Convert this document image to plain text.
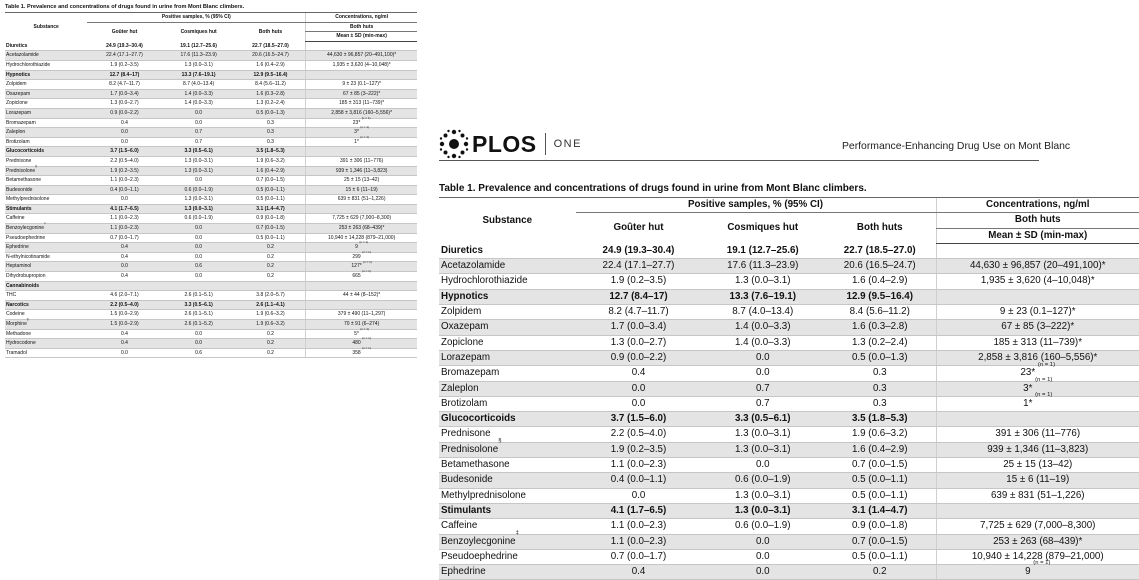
Table 1. Prevalence and concentrations of drugs found in urine from Mont Blanc climbers.
Substance	Positive samples, % (95% CI)			Concentrations, ng/ml
	Goûter hut	Cosmiques hut	Both huts	Both huts
				Mean ± SD (min-max)
Diuretics	24.9 (19.3–30.4)	19.1 (12.7–25.6)	22.7 (18.5–27.0)	
Acetazolamide	22.4 (17.1–27.7)	17.6 (11.3–23.9)	20.6 (16.5–24.7)	44,630 ± 96,857 (20–491,100)*
Hydrochlorothiazide	1.9 (0.2–3.5)	1.3 (0.0–3.1)	1.6 (0.4–2.9)	1,935 ± 3,620 (4–10,048)*
Hypnotics	12.7 (8.4–17)	13.3 (7.6–19.1)	12.9 (9.5–16.4)	
Zolpidem	8.2 (4.7–11.7)	8.7 (4.0–13.4)	8.4 (5.6–11.2)	9 ± 23 (0.1–127)*
Oxazepam	1.7 (0.0–3.4)	1.4 (0.0–3.3)	1.6 (0.3–2.8)	67 ± 85 (3–222)*
Zopiclone	1.3 (0.0–2.7)	1.4 (0.0–3.3)	1.3 (0.2–2.4)	185 ± 313 (11–739)*
Lorazepam	0.9 (0.0–2.2)	0.0	0.5 (0.0–1.3)	2,858 ± 3,816 (160–5,556)*
Bromazepam	0.4	0.0	0.3	23* $^{(n = 1)}$
Zaleplon	0.0	0.7	0.3	3* $^{(n = 1)}$
Brotizolam	0.0	0.7	0.3	1* $^{(n = 1)}$
Glucocorticoids	3.7 (1.5–6.0)	3.3 (0.5–6.1)	3.5 (1.8–5.3)	
Prednisone	2.2 (0.5–4.0)	1.3 (0.0–3.1)	1.9 (0.6–3.2)	391 ± 306 (11–776)
Prednisolone§	1.9 (0.2–3.5)	1.3 (0.0–3.1)	1.6 (0.4–2.9)	939 ± 1,346 (11–3,823)
Betamethasone	1.1 (0.0–2.3)	0.0	0.7 (0.0–1.5)	25 ± 15 (13–42)
Budesonide	0.4 (0.0–1.1)	0.6 (0.0–1.9)	0.5 (0.0–1.1)	15 ± 6 (11–19)
Methylprednisolone	0.0	1.3 (0.0–3.1)	0.5 (0.0–1.1)	639 ± 831 (51–1,226)
Stimulants	4.1 (1.7–6.5)	1.3 (0.0–3.1)	3.1 (1.4–4.7)	
Caffeine	1.1 (0.0–2.3)	0.6 (0.0–1.9)	0.9 (0.0–1.8)	7,725 ± 629 (7,000–8,300)
Benzoylecgonine‡	1.1 (0.0–2.3)	0.0	0.7 (0.0–1.5)	253 ± 263 (68–439)*
Pseudoephedrine	0.7 (0.0–1.7)	0.0	0.5 (0.0–1.1)	10,940 ± 14,228 (879–21,000)
Ephedrine	0.4	0.0	0.2	9 $^{(n = 1)}$
N-ethylnicotinamide	0.4	0.0	0.2	299 $^{(n = 1)}$
Heptaminol	0.0	0.6	0.2	127* $^{(n = 1)}$
Dihydrobupropion	0.4	0.0	0.2	665 $^{(n = 1)}$
Cannabinoids				
THC	4.6 (2.0–7.1)	2.6 (0.1–5.1)	3.8 (2.0–5.7)	44 ± 44 (8–152)*
Narcotics	2.2 (0.5–4.0)	3.3 (0.5–6.1)	2.6 (1.1–4.1)	
Codeine	1.5 (0.0–2.9)	2.6 (0.1–5.1)	1.9 (0.6–3.2)	379 ± 490 (11–1,297)
Morphine§	1.5 (0.0–2.9)	2.6 (0.1–5.2)	1.9 (0.6–3.2)	70 ± 91 (6–274)
Methadone	0.4	0.0	0.2	5* $^{(n = 1)}$
Hydrocodone	0.4	0.0	0.2	480 $^{(n = 1)}$
Tramadol	0.0	0.6	0.2	358 $^{(n = 1)}$
PLOS ONE	Performance-Enhancing Drug Use on Mont Blanc
Table 1. Prevalence and concentrations of drugs found in urine from Mont Blanc climbers.
Substance	Positive samples, % (95% CI)			Concentrations, ng/ml
	Goûter hut	Cosmiques hut	Both huts	Both huts
				Mean ± SD (min-max)
Diuretics	24.9 (19.3–30.4)	19.1 (12.7–25.6)	22.7 (18.5–27.0)	
Acetazolamide	22.4 (17.1–27.7)	17.6 (11.3–23.9)	20.6 (16.5–24.7)	44,630 ± 96,857 (20–491,100)*
Hydrochlorothiazide	1.9 (0.2–3.5)	1.3 (0.0–3.1)	1.6 (0.4–2.9)	1,935 ± 3,620 (4–10,048)*
Hypnotics	12.7 (8.4–17)	13.3 (7.6–19.1)	12.9 (9.5–16.4)	
Zolpidem	8.2 (4.7–11.7)	8.7 (4.0–13.4)	8.4 (5.6–11.2)	9 ± 23 (0.1–127)*
Oxazepam	1.7 (0.0–3.4)	1.4 (0.0–3.3)	1.6 (0.3–2.8)	67 ± 85 (3–222)*
Zopiclone	1.3 (0.0–2.7)	1.4 (0.0–3.3)	1.3 (0.2–2.4)	185 ± 313 (11–739)*
Lorazepam	0.9 (0.0–2.2)	0.0	0.5 (0.0–1.3)	2,858 ± 3,816 (160–5,556)*
Bromazepam	0.4	0.0	0.3	23* $^{(n = 1)}$
Zaleplon	0.0	0.7	0.3	3* $^{(n = 1)}$
Brotizolam	0.0	0.7	0.3	1* $^{(n = 1)}$
Glucocorticoids	3.7 (1.5–6.0)	3.3 (0.5–6.1)	3.5 (1.8–5.3)	
Prednisone	2.2 (0.5–4.0)	1.3 (0.0–3.1)	1.9 (0.6–3.2)	391 ± 306 (11–776)
Prednisolone§	1.9 (0.2–3.5)	1.3 (0.0–3.1)	1.6 (0.4–2.9)	939 ± 1,346 (11–3,823)
Betamethasone	1.1 (0.0–2.3)	0.0	0.7 (0.0–1.5)	25 ± 15 (13–42)
Budesonide	0.4 (0.0–1.1)	0.6 (0.0–1.9)	0.5 (0.0–1.1)	15 ± 6 (11–19)
Methylprednisolone	0.0	1.3 (0.0–3.1)	0.5 (0.0–1.1)	639 ± 831 (51–1,226)
Stimulants	4.1 (1.7–6.5)	1.3 (0.0–3.1)	3.1 (1.4–4.7)	
Caffeine	1.1 (0.0–2.3)	0.6 (0.0–1.9)	0.9 (0.0–1.8)	7,725 ± 629 (7,000–8,300)
Benzoylecgonine‡	1.1 (0.0–2.3)	0.0	0.7 (0.0–1.5)	253 ± 263 (68–439)*
Pseudoephedrine	0.7 (0.0–1.7)	0.0	0.5 (0.0–1.1)	10,940 ± 14,228 (879–21,000)
Ephedrine	0.4	0.0	0.2	9 $^{(n = 1)}$
